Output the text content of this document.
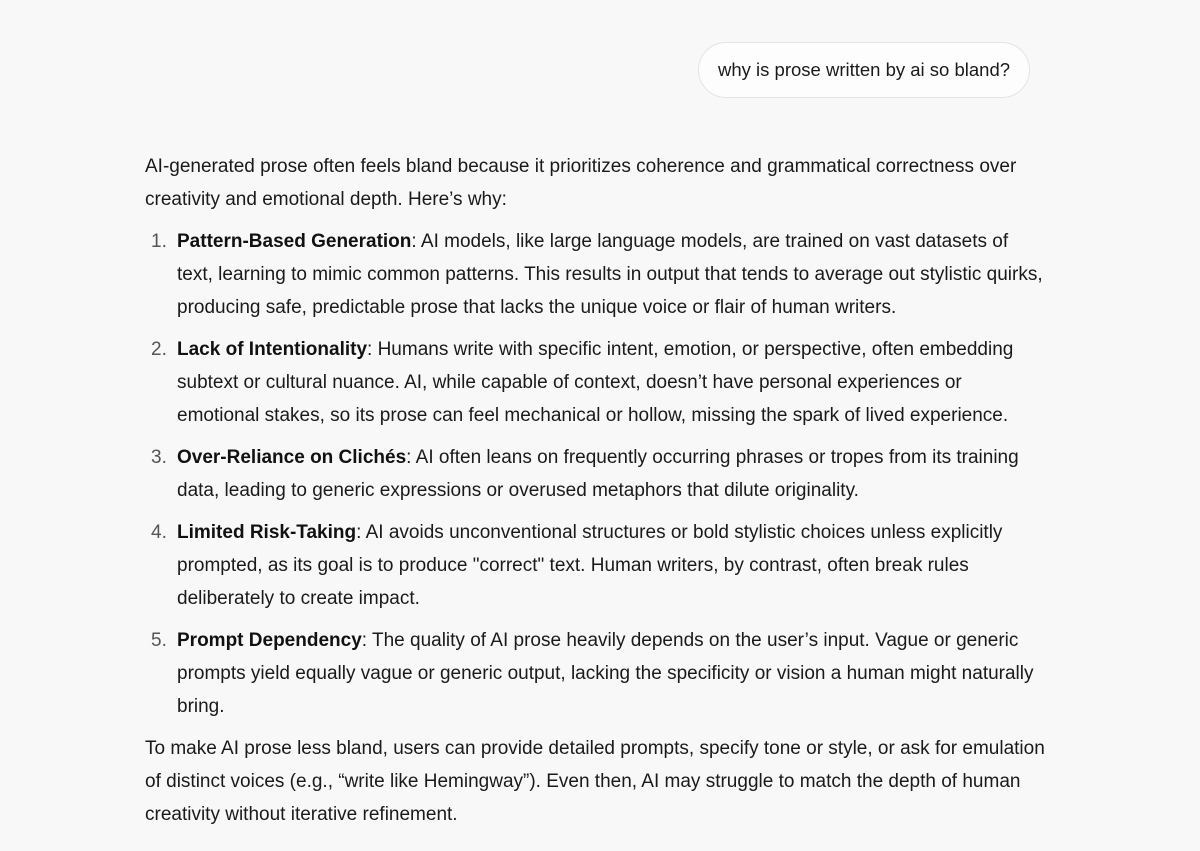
why is prose written by ai so bland?

AI-generated prose often feels bland because it prioritizes coherence and grammatical correctness over creativity and emotional depth. Here’s why:

1. Pattern-Based Generation: AI models, like large language models, are trained on vast datasets of text, learning to mimic common patterns. This results in output that tends to average out stylistic quirks, producing safe, predictable prose that lacks the unique voice or flair of human writers.
2. Lack of Intentionality: Humans write with specific intent, emotion, or perspective, often embedding subtext or cultural nuance. AI, while capable of context, doesn’t have personal experiences or emotional stakes, so its prose can feel mechanical or hollow, missing the spark of lived experience.
3. Over-Reliance on Clichés: AI often leans on frequently occurring phrases or tropes from its training data, leading to generic expressions or overused metaphors that dilute originality.
4. Limited Risk-Taking: AI avoids unconventional structures or bold stylistic choices unless explicitly prompted, as its goal is to produce "correct" text. Human writers, by contrast, often break rules deliberately to create impact.
5. Prompt Dependency: The quality of AI prose heavily depends on the user’s input. Vague or generic prompts yield equally vague or generic output, lacking the specificity or vision a human might naturally bring.

To make AI prose less bland, users can provide detailed prompts, specify tone or style, or ask for emulation of distinct voices (e.g., “write like Hemingway”). Even then, AI may struggle to match the depth of human creativity without iterative refinement.
